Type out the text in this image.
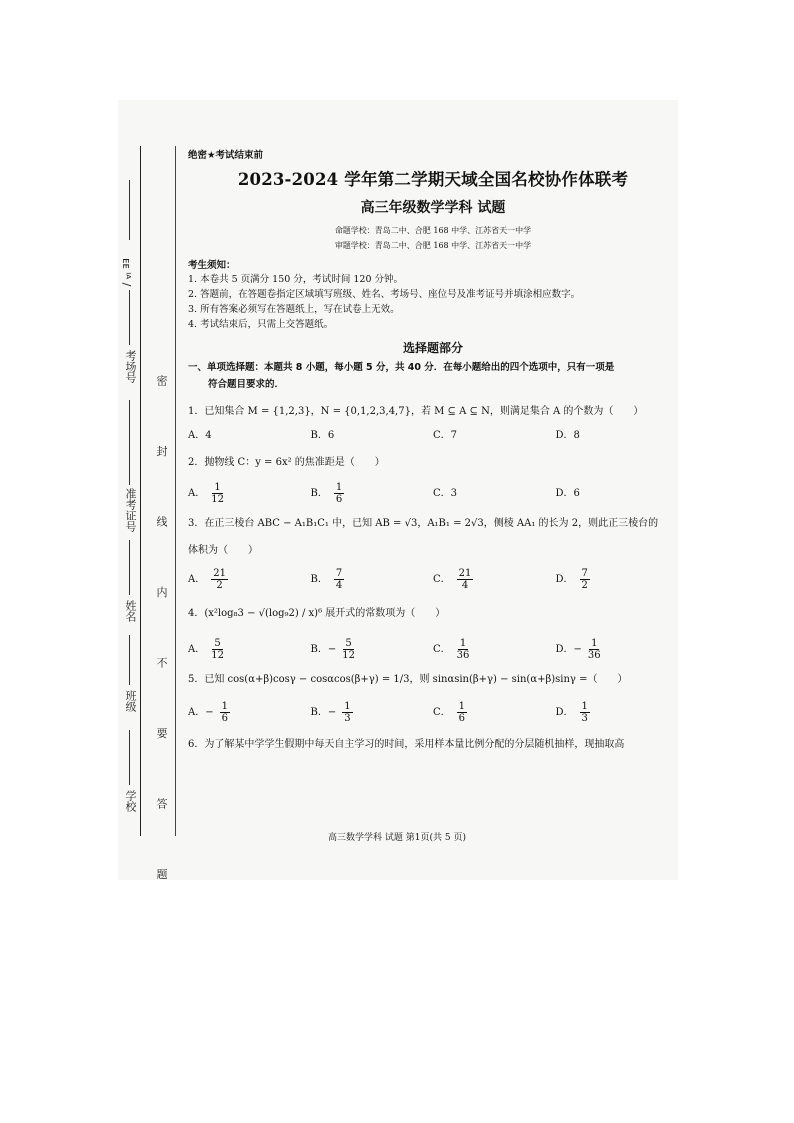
ᴇᴇ ᴵᴬ /
考场号
准考证号
姓名
班级
学校 密 封 线 内 不 要 答 题
绝密★考试结束前
2023-2024 学年第二学期天域全国名校协作体联考
高三年级数学学科 试题
命题学校：青岛二中、合肥 168 中学、江苏省天一中学
审题学校：青岛二中、合肥 168 中学、江苏省天一中学
考生须知：
1. 本卷共 5 页满分 150 分，考试时间 120 分钟。
2. 答题前，在答题卷指定区域填写班级、姓名、考场号、座位号及准考证号并填涂相应数字。
3. 所有答案必须写在答题纸上，写在试卷上无效。
4. 考试结束后，只需上交答题纸。
选择题部分
一、单项选择题：本题共 8 小题，每小题 5 分，共 40 分．在每小题给出的四个选项中，只有一项是
符合题目要求的．
1．已知集合 M = {1,2,3}，N = {0,1,2,3,4,7}，若 M ⊆ A ⊆ N，则满足集合 A 的个数为（　　）
A． 4	B． 6	C． 7	D． 8
2．抛物线 C：y = 6x² 的焦准距是（　　）
A． $\frac{1}{12}$	B． $\frac{1}{6}$	C． 3	D． 6
3．在正三棱台 ABC − A₁B₁C₁ 中，已知 AB = √3，A₁B₁ = 2√3，侧棱 AA₁ 的长为 2，则此正三棱台的
体积为（　　）
A． $\frac{21}{2}$	B． $\frac{7}{4}$	C． $\frac{21}{4}$	D． $\frac{7}{2}$
4．(x²log₈3 − √(log₉2) / x)⁶ 展开式的常数项为（　　）
A． $\frac{5}{12}$	B． − $\frac{5}{12}$	C． $\frac{1}{36}$	D． − $\frac{1}{36}$
5．已知 cos(α+β)cosγ − cosαcos(β+γ) = 1/3，则 sinαsin(β+γ) − sin(α+β)sinγ =（　　）
A． − $\frac{1}{6}$	B． − $\frac{1}{3}$	C． $\frac{1}{6}$	D． $\frac{1}{3}$
6．为了解某中学学生假期中每天自主学习的时间，采用样本量比例分配的分层随机抽样，现抽取高
高三数学学科 试题 第1页(共 5 页)
